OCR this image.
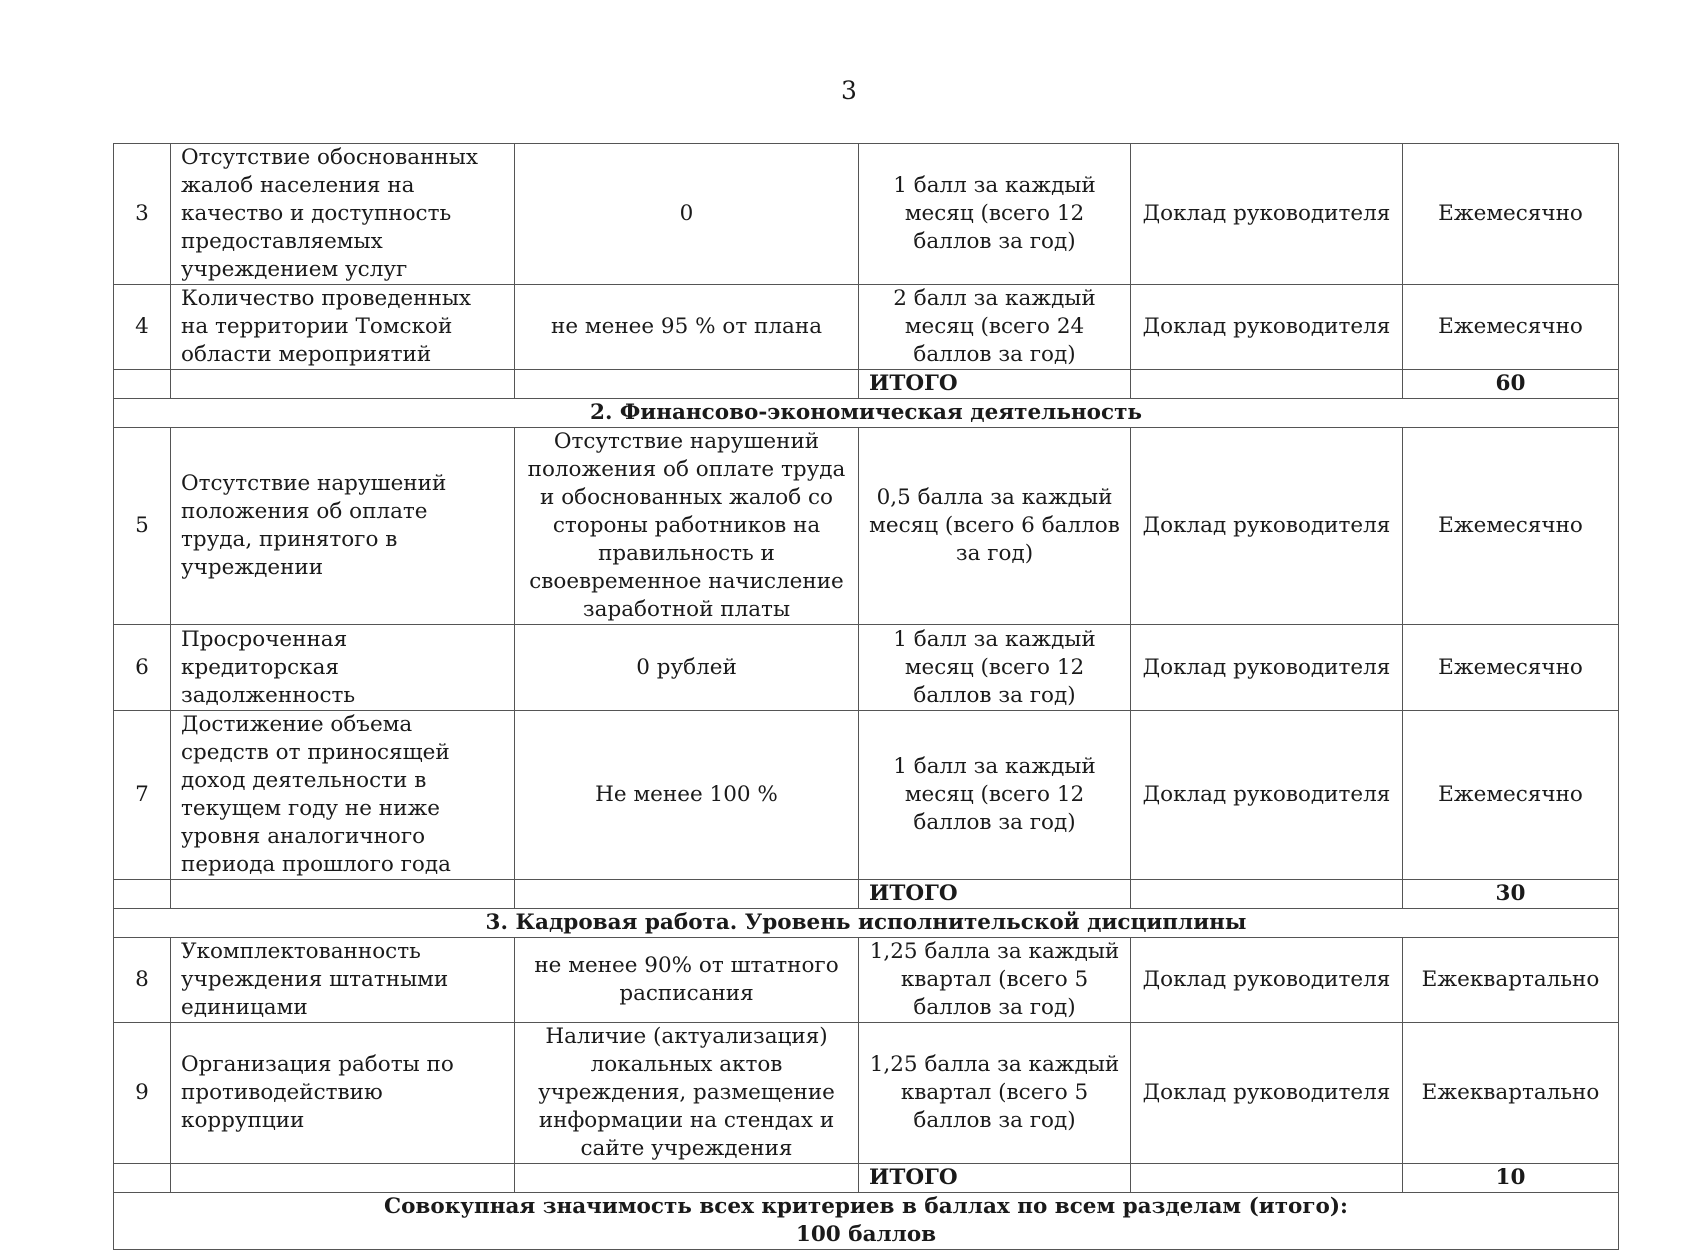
3
3	Отсутствие обоснованных жалоб населения на качество и доступность предоставляемых учреждением услуг	0	1 балл за каждый месяц (всего 12 баллов за год)	Доклад руководителя	Ежемесячно
4	Количество проведенных на территории Томской области мероприятий	не менее 95 % от плана	2 балл за каждый месяц (всего 24 баллов за год)	Доклад руководителя	Ежемесячно
			ИТОГО		60
2. Финансово-экономическая деятельность					
5	Отсутствие нарушений положения об оплате труда, принятого в учреждении	Отсутствие нарушений положения об оплате труда и обоснованных жалоб со стороны работников на правильность и своевременное начисление заработной платы	0,5 балла за каждый месяц (всего 6 баллов за год)	Доклад руководителя	Ежемесячно
6	Просроченная кредиторская задолженность	0 рублей	1 балл за каждый месяц (всего 12 баллов за год)	Доклад руководителя	Ежемесячно
7	Достижение объема средств от приносящей доход деятельности в текущем году не ниже уровня аналогичного периода прошлого года	Не менее 100 %	1 балл за каждый месяц (всего 12 баллов за год)	Доклад руководителя	Ежемесячно
			ИТОГО		30
3. Кадровая работа. Уровень исполнительской дисциплины					
8	Укомплектованность учреждения штатными единицами	не менее 90% от штатного расписания	1,25 балла за каждый квартал (всего 5 баллов за год)	Доклад руководителя	Ежеквартально
9	Организация работы по противодействию коррупции	Наличие (актуализация) локальных актов учреждения, размещение информации на стендах и сайте учреждения	1,25 балла за каждый квартал (всего 5 баллов за год)	Доклад руководителя	Ежеквартально
			ИТОГО		10

Совокупная значимость всех критериев в баллах по всем разделам (итого):
100 баллов					
